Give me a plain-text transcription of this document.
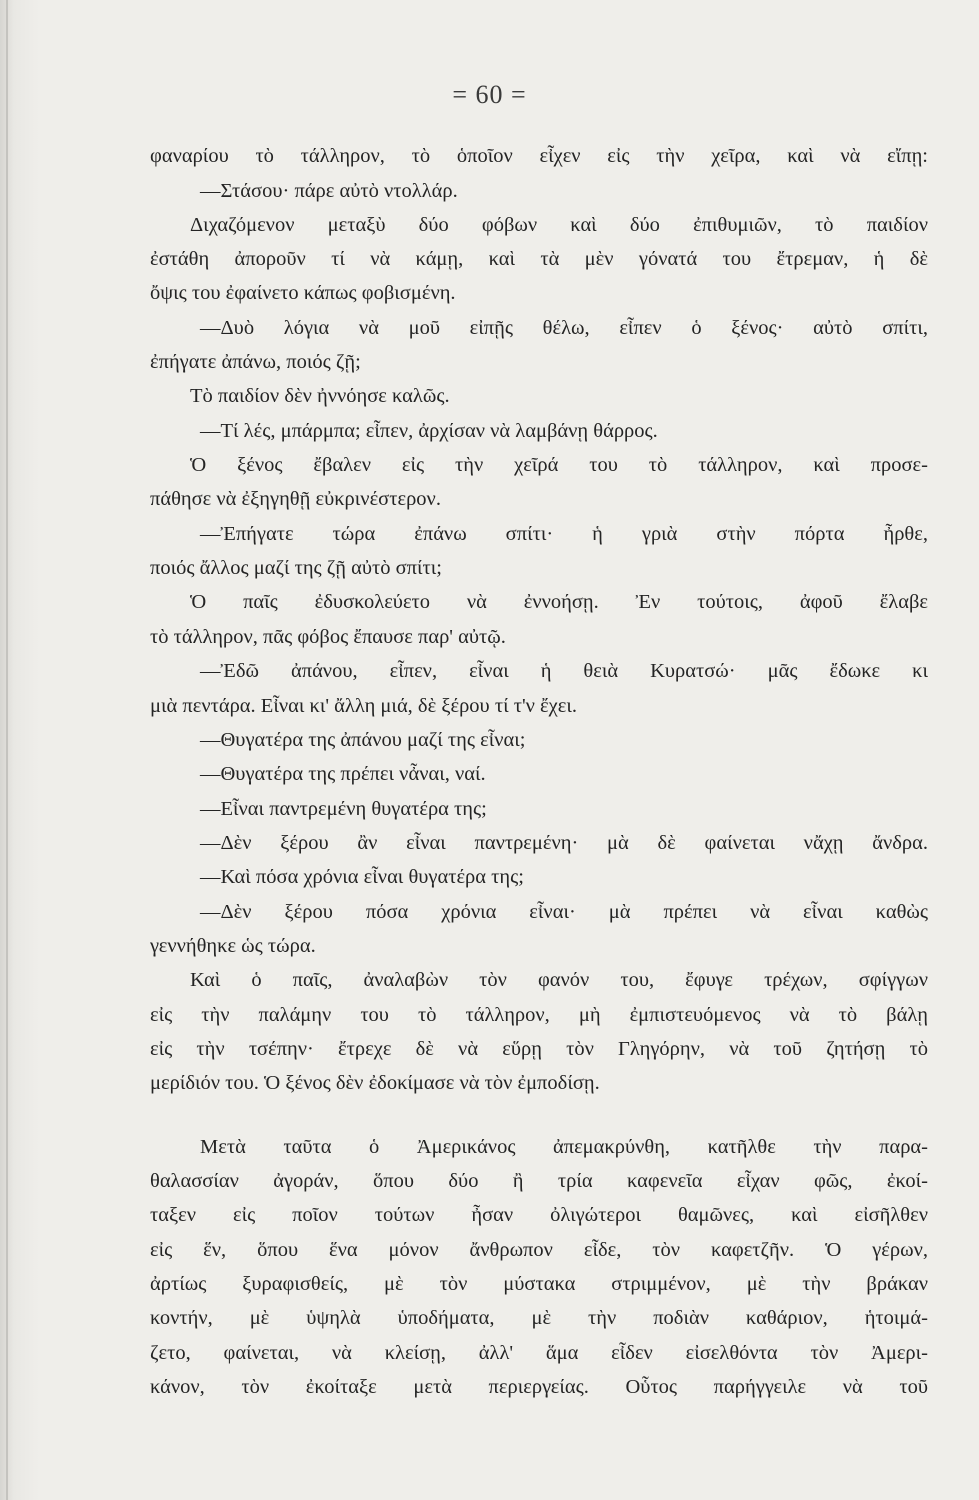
= 60 =
φαναρίου τὸ τάλληρον, τὸ ὁποῖον εἶχεν εἰς τὴν χεῖρα, καὶ νὰ εἴπῃ:
—Στάσου· πάρε αὐτὸ ντολλάρ.
Διχαζόμενον μεταξὺ δύο φόβων καὶ δύο ἐπιθυμιῶν, τὸ παιδίον
ἐστάθη ἀποροῦν τί νὰ κάμῃ, καὶ τὰ μὲν γόνατά του ἔτρεμαν, ἡ δὲ
ὄψις του ἐφαίνετο κάπως φοβισμένη.
—Δυὸ λόγια νὰ μοῦ εἰπῇς θέλω, εἶπεν ὁ ξένος· αὐτὸ σπίτι,
ἐπήγατε ἀπάνω, ποιός ζῇ;
Τὸ παιδίον δὲν ἠννόησε καλῶς.
—Τί λές, μπάρμπα; εἶπεν, ἀρχίσαν νὰ λαμβάνῃ θάρρος.
Ὁ ξένος ἔβαλεν εἰς τὴν χεῖρά του τὸ τάλληρον, καὶ προσε-
πάθησε νὰ ἐξηγηθῇ εὐκρινέστερον.
—Ἐπήγατε τώρα ἐπάνω σπίτι· ἡ γριὰ στὴν πόρτα ἦρθε,
ποιός ἄλλος μαζί της ζῇ αὐτὸ σπίτι;
Ὁ παῖς ἐδυσκολεύετο νὰ ἐννοήσῃ. Ἐν τούτοις, ἀφοῦ ἔλαβε
τὸ τάλληρον, πᾶς φόβος ἔπαυσε παρ' αὐτῷ.
—Ἐδῶ ἀπάνου, εἶπεν, εἶναι ἡ θειὰ Κυρατσώ· μᾶς ἔδωκε κι
μιὰ πεντάρα. Εἶναι κι' ἄλλη μιά, δὲ ξέρου τί τ'ν ἔχει.
—Θυγατέρα της ἀπάνου μαζί της εἶναι;
—Θυγατέρα της πρέπει νἆναι, ναί.
—Εἶναι παντρεμένη θυγατέρα της;
—Δὲν ξέρου ἂν εἶναι παντρεμένη· μὰ δὲ φαίνεται νἄχῃ ἄνδρα.
—Καὶ πόσα χρόνια εἶναι θυγατέρα της;
—Δὲν ξέρου πόσα χρόνια εἶναι· μὰ πρέπει νὰ εἶναι καθὼς
γεννήθηκε ὡς τώρα.
Καὶ ὁ παῖς, ἀναλαβὼν τὸν φανόν του, ἔφυγε τρέχων, σφίγγων
εἰς τὴν παλάμην του τὸ τάλληρον, μὴ ἐμπιστευόμενος νὰ τὸ βάλῃ
εἰς τὴν τσέπην· ἔτρεχε δὲ νὰ εὕρῃ τὸν Γληγόρην, νὰ τοῦ ζητήσῃ τὸ
μερίδιόν του. Ὁ ξένος δὲν ἐδοκίμασε νὰ τὸν ἐμποδίσῃ.
Μετὰ ταῦτα ὁ Ἀμερικάνος ἀπεμακρύνθη, κατῆλθε τὴν παρα-
θαλασσίαν ἀγοράν, ὅπου δύο ἢ τρία καφενεῖα εἶχαν φῶς, ἐκοί-
ταξεν εἰς ποῖον τούτων ἦσαν ὀλιγώτεροι θαμῶνες, καὶ εἰσῆλθεν
εἰς ἕν, ὅπου ἕνα μόνον ἄνθρωπον εἶδε, τὸν καφετζῆν. Ὁ γέρων,
ἀρτίως ξυραφισθείς, μὲ τὸν μύστακα στριμμένον, μὲ τὴν βράκαν
κοντήν, μὲ ὑψηλὰ ὑποδήματα, μὲ τὴν ποδιὰν καθάριον, ἡτοιμά-
ζετο, φαίνεται, νὰ κλείσῃ, ἀλλ' ἅμα εἶδεν εἰσελθόντα τὸν Ἀμερι-
κάνον, τὸν ἐκοίταξε μετὰ περιεργείας. Οὗτος παρήγγειλε νὰ τοῦ
